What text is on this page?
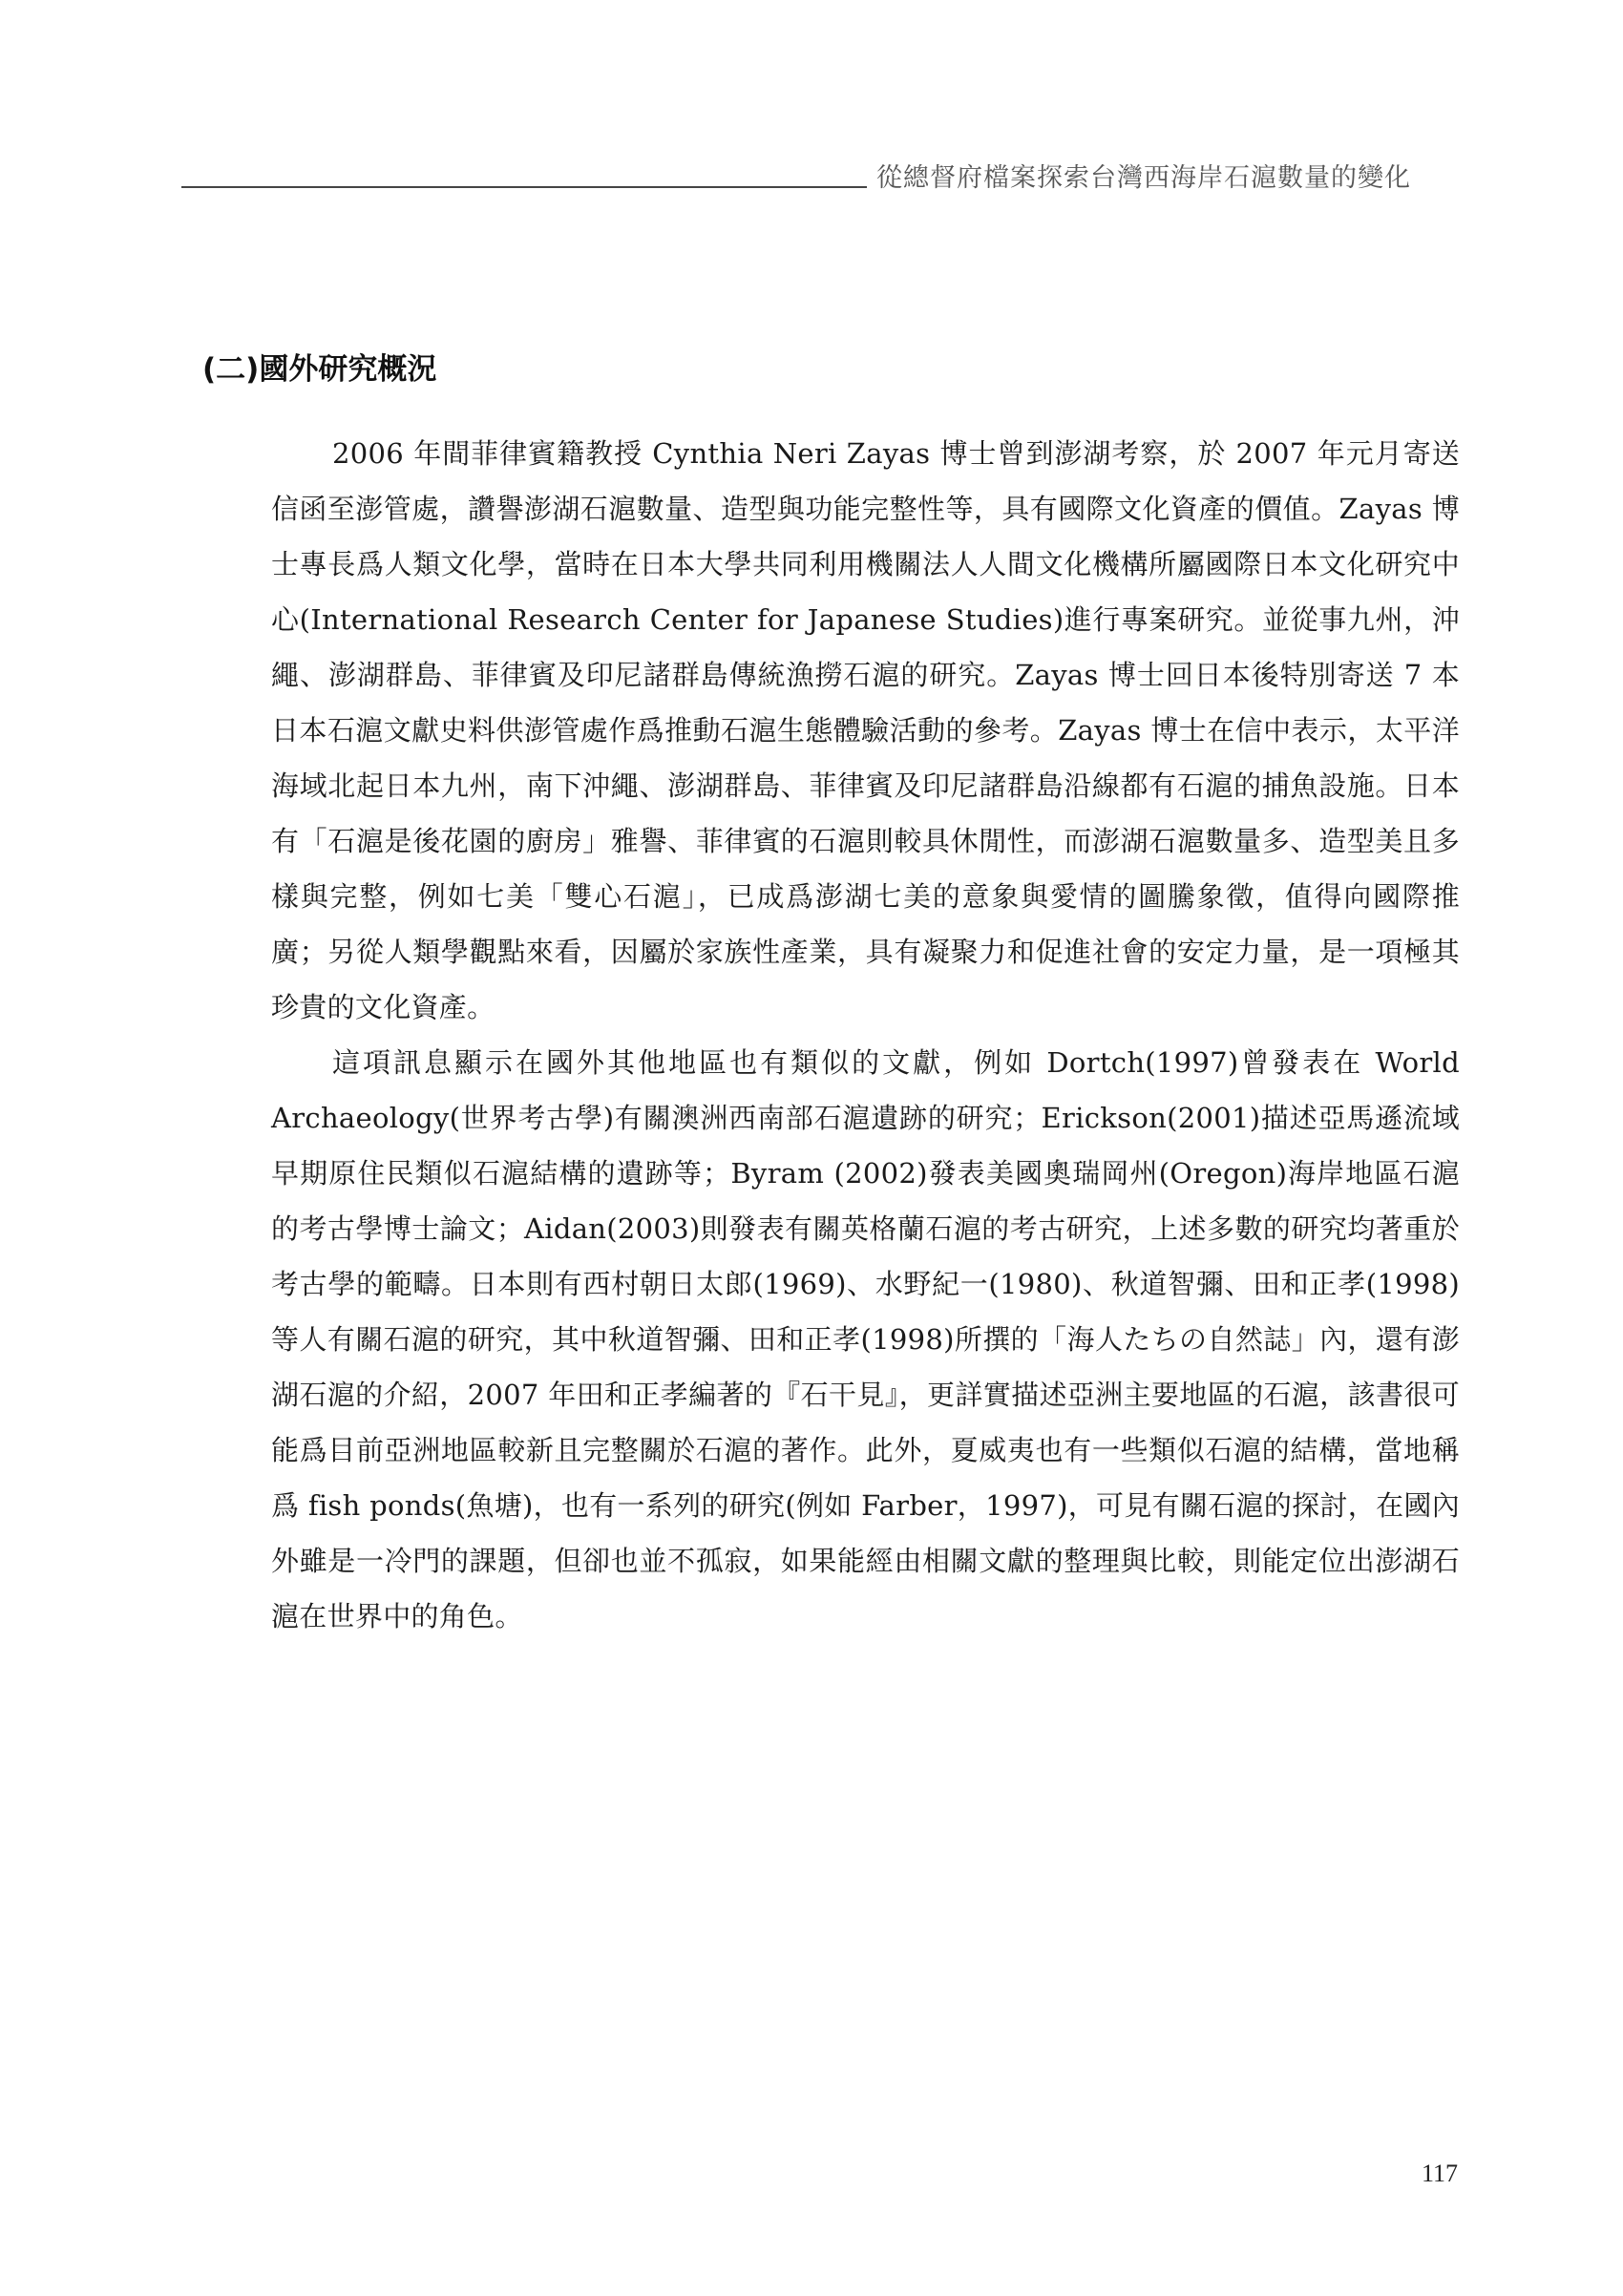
從總督府檔案探索台灣西海岸石滬數量的變化
(二)國外研究概況

2006 年間菲律賓籍教授 Cynthia Neri Zayas 博士曾到澎湖考察，於 2007 年元月寄送信函至澎管處，讚譽澎湖石滬數量、造型與功能完整性等，具有國際文化資產的價值。Zayas 博士專長爲人類文化學，當時在日本大學共同利用機關法人人間文化機構所屬國際日本文化研究中心(International Research Center for Japanese Studies)進行專案研究。並從事九州，沖繩、澎湖群島、菲律賓及印尼諸群島傳統漁撈石滬的研究。Zayas 博士回日本後特別寄送 7 本日本石滬文獻史料供澎管處作爲推動石滬生態體驗活動的參考。Zayas 博士在信中表示，太平洋海域北起日本九州，南下沖繩、澎湖群島、菲律賓及印尼諸群島沿線都有石滬的捕魚設施。日本有「石滬是後花園的廚房」雅譽、菲律賓的石滬則較具休閒性，而澎湖石滬數量多、造型美且多樣與完整，例如七美「雙心石滬」，已成爲澎湖七美的意象與愛情的圖騰象徵，值得向國際推廣；另從人類學觀點來看，因屬於家族性產業，具有凝聚力和促進社會的安定力量，是一項極其珍貴的文化資產。

這項訊息顯示在國外其他地區也有類似的文獻，例如 Dortch(1997)曾發表在 World Archaeology(世界考古學)有關澳洲西南部石滬遺跡的研究；Erickson(2001)描述亞馬遜流域早期原住民類似石滬結構的遺跡等；Byram (2002)發表美國奧瑞岡州(Oregon)海岸地區石滬的考古學博士論文；Aidan(2003)則發表有關英格蘭石滬的考古研究，上述多數的研究均著重於考古學的範疇。日本則有西村朝日太郎(1969)、水野紀一(1980)、秋道智彌、田和正孝(1998)等人有關石滬的研究，其中秋道智彌、田和正孝(1998)所撰的「海人たちの自然誌」內，還有澎湖石滬的介紹，2007 年田和正孝編著的『石干見』，更詳實描述亞洲主要地區的石滬，該書很可能爲目前亞洲地區較新且完整關於石滬的著作。此外，夏威夷也有一些類似石滬的結構，當地稱爲 fish ponds(魚塘)，也有一系列的研究(例如 Farber，1997)，可見有關石滬的探討，在國內外雖是一冷門的課題，但卻也並不孤寂，如果能經由相關文獻的整理與比較，則能定位出澎湖石滬在世界中的角色。

117
